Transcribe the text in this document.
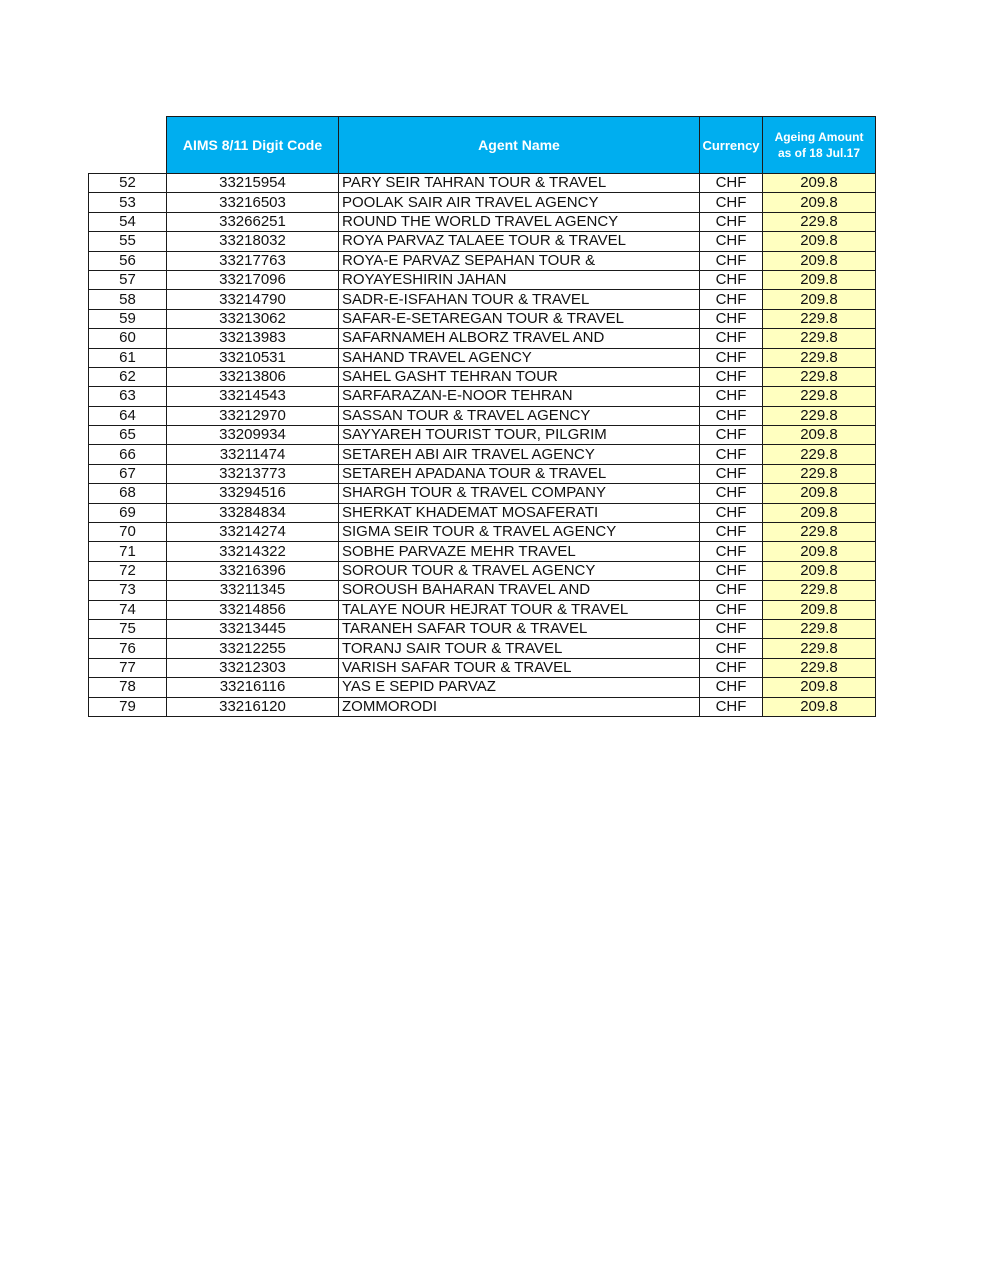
	AIMS 8/11 Digit Code	Agent Name	Currency	Ageing Amount
as of 18 Jul.17
52	33215954	PARY SEIR TAHRAN TOUR & TRAVEL	CHF	209.8
53	33216503	POOLAK SAIR AIR TRAVEL AGENCY	CHF	209.8
54	33266251	ROUND THE WORLD TRAVEL AGENCY	CHF	229.8
55	33218032	ROYA PARVAZ TALAEE TOUR & TRAVEL	CHF	209.8
56	33217763	ROYA-E PARVAZ SEPAHAN TOUR &	CHF	209.8
57	33217096	ROYAYESHIRIN JAHAN	CHF	209.8
58	33214790	SADR-E-ISFAHAN TOUR & TRAVEL	CHF	209.8
59	33213062	SAFAR-E-SETAREGAN TOUR & TRAVEL	CHF	229.8
60	33213983	SAFARNAMEH ALBORZ TRAVEL AND	CHF	229.8
61	33210531	SAHAND TRAVEL AGENCY	CHF	229.8
62	33213806	SAHEL GASHT TEHRAN TOUR	CHF	229.8
63	33214543	SARFARAZAN-E-NOOR TEHRAN	CHF	229.8
64	33212970	SASSAN TOUR & TRAVEL AGENCY	CHF	229.8
65	33209934	SAYYAREH TOURIST TOUR, PILGRIM	CHF	209.8
66	33211474	SETAREH ABI AIR TRAVEL AGENCY	CHF	229.8
67	33213773	SETAREH APADANA TOUR & TRAVEL	CHF	229.8
68	33294516	SHARGH TOUR & TRAVEL COMPANY	CHF	209.8
69	33284834	SHERKAT KHADEMAT MOSAFERATI	CHF	209.8
70	33214274	SIGMA SEIR TOUR & TRAVEL AGENCY	CHF	229.8
71	33214322	SOBHE PARVAZE MEHR TRAVEL	CHF	209.8
72	33216396	SOROUR TOUR & TRAVEL AGENCY	CHF	209.8
73	33211345	SOROUSH BAHARAN TRAVEL AND	CHF	229.8
74	33214856	TALAYE NOUR HEJRAT TOUR & TRAVEL	CHF	209.8
75	33213445	TARANEH SAFAR TOUR & TRAVEL	CHF	229.8
76	33212255	TORANJ SAIR TOUR & TRAVEL	CHF	229.8
77	33212303	VARISH SAFAR TOUR & TRAVEL	CHF	229.8
78	33216116	YAS E SEPID PARVAZ	CHF	209.8
79	33216120	ZOMMORODI	CHF	209.8
